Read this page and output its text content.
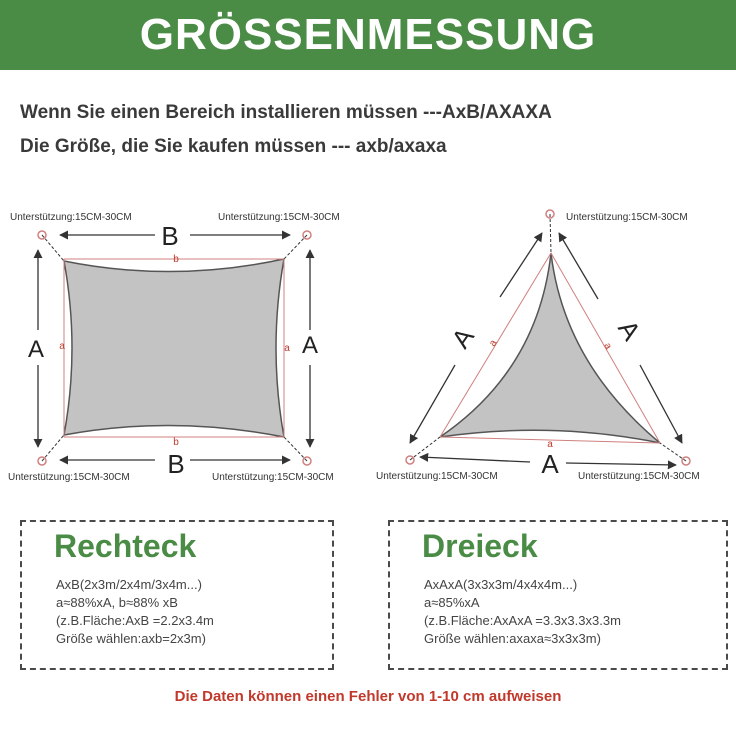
GRÖSSENMESSUNG
Wenn Sie einen Bereich installieren müssen ---AxB/AXAXA
Die Größe, die Sie kaufen müssen --- axb/axaxa
Unterstützung:15CM-30CM	Unterstützung:15CM-30CM
Unterstützung:15CM-30CM	Unterstützung:15CM-30CM
B
B
A	A
b
b
a	a
Unterstützung:15CM-30CM
Unterstützung:15CM-30CM	Unterstützung:15CM-30CM
A	A
A
a	a
a
Rechteck
AxB(2x3m/2x4m/3x4m...)
a≈88%xA, b≈88% xB
(z.B.Fläche:AxB =2.2x3.4m
Größe wählen:axb=2x3m)
Dreieck
AxAxA(3x3x3m/4x4x4m...)
a≈85%xA
(z.B.Fläche:AxAxA =3.3x3.3x3.3m
Größe wählen:axaxa≈3x3x3m)
Die Daten können einen Fehler von 1-10 cm aufweisen
